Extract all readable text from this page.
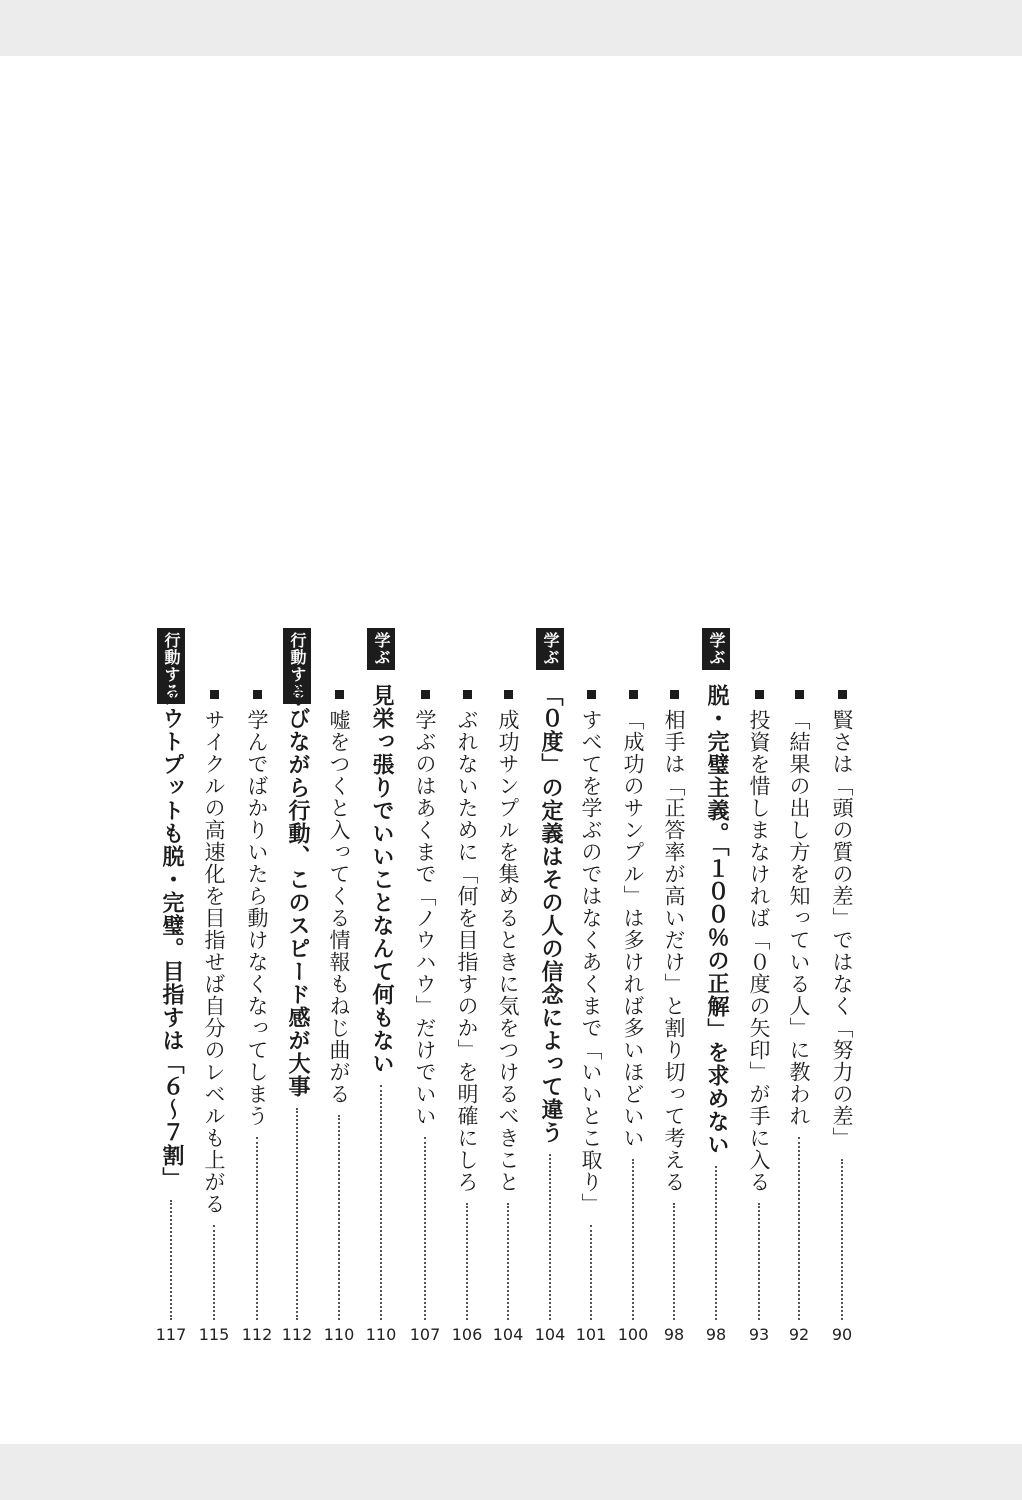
学ぶ
学ぶ
学ぶ
行動する
行動する
賢さは「頭の質の差」ではなく「努力の差」
90
「結果の出し方を知っている人」に教われ
92
投資を惜しまなければ「０度の矢印」が手に入る
93
脱・完璧主義。「１００％の正解」を求めない
98
相手は「正答率が高いだけ」と割り切って考える
98
「成功のサンプル」は多ければ多いほどいい
100
すべてを学ぶのではなくあくまで「いいとこ取り」
101
「０度」の定義はその人の信念によって違う
104
成功サンプルを集めるときに気をつけるべきこと
104
ぶれないために「何を目指すのか」を明確にしろ
106
学ぶのはあくまで「ノウハウ」だけでいい
107
見栄っ張りでいいことなんて何もない
110
嘘をつくと入ってくる情報もねじ曲がる
110
学びながら行動、このスピード感が大事
112
学んでばかりいたら動けなくなってしまう
112
サイクルの高速化を目指せば自分のレベルも上がる
115
アウトプットも脱・完璧。目指すは「６〜７割」
117
